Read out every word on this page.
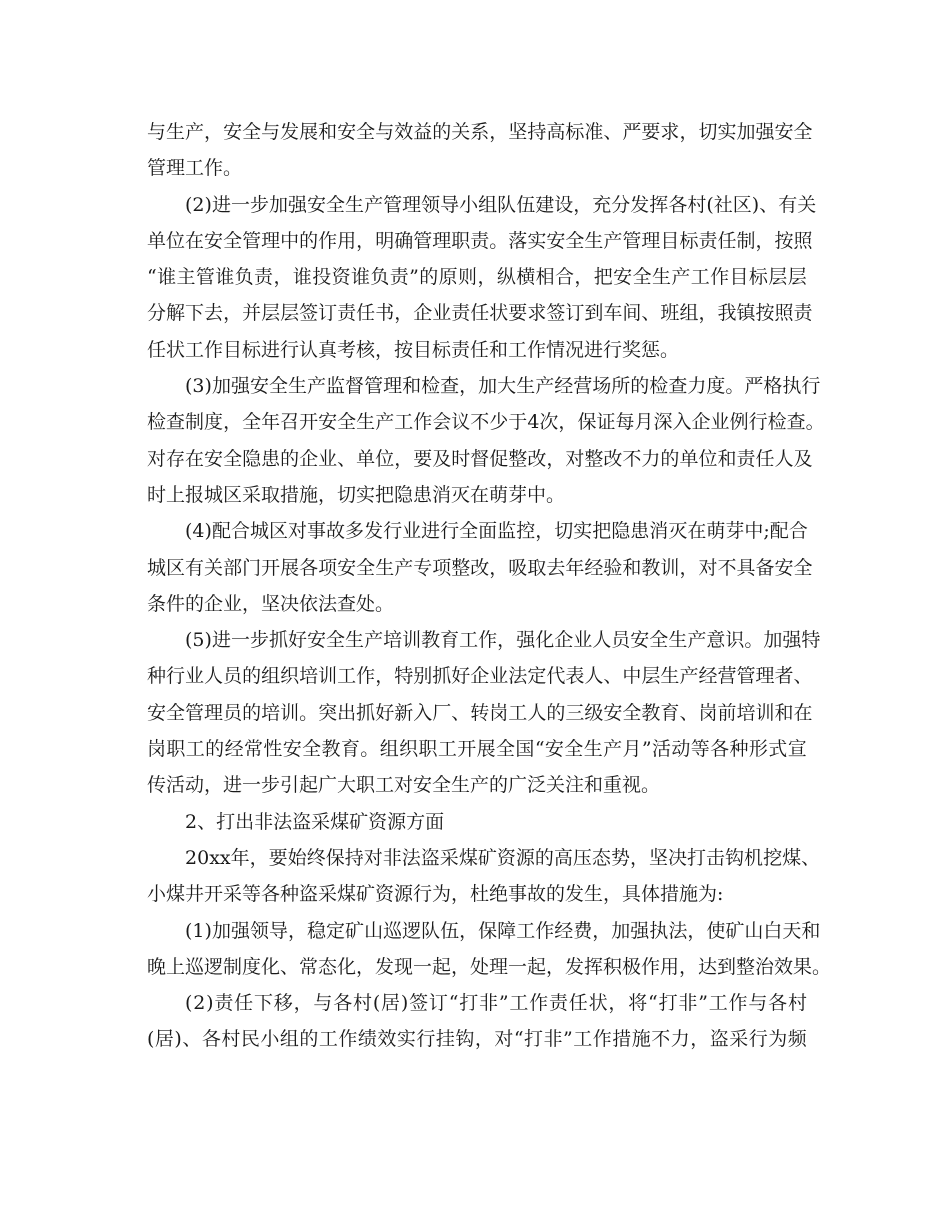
与 生 产 ， 安 全 与 发 展 和 安 全 与 效 益 的 关 系 ， 坚 持 高 标 准 、 严 要 求 ， 切 实 加 强 安 全
管理工作。
( 2 ) 进 一 步 加 强 安 全 生 产 管 理 领 导 小 组 队 伍 建 设 ， 充 分 发 挥 各 村 ( 社 区 ) 、 有 关
单 位 在 安 全 管 理 中 的 作 用 ， 明 确 管 理 职 责 。 落 实 安 全 生 产 管 理 目 标 责 任 制 ， 按 照
“ 谁 主 管 谁 负 责 ， 谁 投 资 谁 负 责 ” 的 原 则 ， 纵 横 相 合 ， 把 安 全 生 产 工 作 目 标 层 层
分 解 下 去 ， 并 层 层 签 订 责 任 书 ， 企 业 责 任 状 要 求 签 订 到 车 间 、 班 组 ， 我 镇 按 照 责
任状工作目标进行认真考核，按目标责任和工作情况进行奖惩。
( 3 ) 加 强 安 全 生 产 监 督 管 理 和 检 查 ， 加 大 生 产 经 营 场 所 的 检 查 力 度 。 严 格 执 行
检 查 制 度 ， 全 年 召 开 安 全 生 产 工 作 会 议 不 少 于 4 次 ， 保 证 每 月 深 入 企 业 例 行 检 查 。
对 存 在 安 全 隐 患 的 企 业 、 单 位 ， 要 及 时 督 促 整 改 ， 对 整 改 不 力 的 单 位 和 责 任 人 及
时上报城区采取措施，切实把隐患消灭在萌芽中。
( 4 ) 配 合 城 区 对 事 故 多 发 行 业 进 行 全 面 监 控 ， 切 实 把 隐 患 消 灭 在 萌 芽 中 ; 配 合
城 区 有 关 部 门 开 展 各 项 安 全 生 产 专 项 整 改 ， 吸 取 去 年 经 验 和 教 训 ， 对 不 具 备 安 全
条件的企业，坚决依法查处。
( 5 ) 进 一 步 抓 好 安 全 生 产 培 训 教 育 工 作 ， 强 化 企 业 人 员 安 全 生 产 意 识 。 加 强 特
种 行 业 人 员 的 组 织 培 训 工 作 ， 特 别 抓 好 企 业 法 定 代 表 人 、 中 层 生 产 经 营 管 理 者 、
安 全 管 理 员 的 培 训 。 突 出 抓 好 新 入 厂 、 转 岗 工 人 的 三 级 安 全 教 育 、 岗 前 培 训 和 在
岗 职 工 的 经 常 性 安 全 教 育 。 组 织 职 工 开 展 全 国 “ 安 全 生 产 月 ” 活 动 等 各 种 形 式 宣
传活动，进一步引起广大职工对安全生产的广泛关注和重视。
2、打出非法盗采煤矿资源方面
2 0 x x 年 ， 要 始 终 保 持 对 非 法 盗 采 煤 矿 资 源 的 高 压 态 势 ， 坚 决 打 击 钩 机 挖 煤 、
小煤井开采等各种盗采煤矿资源行为，杜绝事故的发生，具体措施为:
( 1 ) 加 强 领 导 ， 稳 定 矿 山 巡 逻 队 伍 ， 保 障 工 作 经 费 ， 加 强 执 法 ， 使 矿 山 白 天 和
晚上巡逻制度化、常态化，发现一起，处理一起，发挥积极作用，达到整治效果。
( 2 ) 责 任 下 移 ， 与 各 村 ( 居 ) 签 订 “ 打 非 ” 工 作 责 任 状 ， 将 “ 打 非 ” 工 作 与 各 村
( 居 ) 、 各 村 民 小 组 的 工 作 绩 效 实 行 挂 钩 ， 对 “ 打 非 ” 工 作 措 施 不 力 ， 盗 采 行 为 频
